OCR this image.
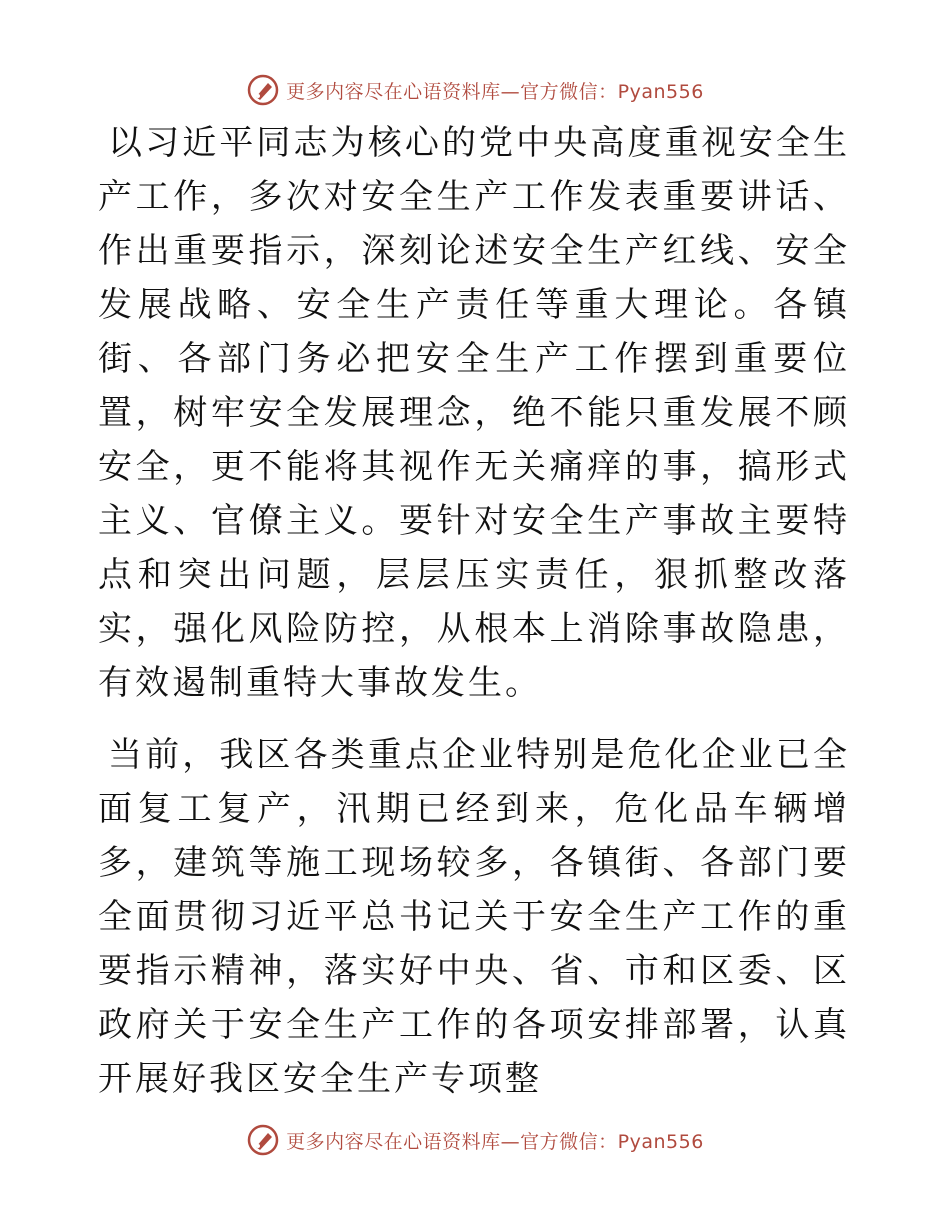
更多内容尽在心语资料库—官方微信：Pyan556

以习近平同志为核心的党中央高度重视安全生产工作，多次对安全生产工作发表重要讲话、作出重要指示，深刻论述安全生产红线、安全发展战略、安全生产责任等重大理论。各镇街、各部门务必把安全生产工作摆到重要位置，树牢安全发展理念，绝不能只重发展不顾安全，更不能将其视作无关痛痒的事，搞形式主义、官僚主义。要针对安全生产事故主要特点和突出问题，层层压实责任，狠抓整改落实，强化风险防控，从根本上消除事故隐患，有效遏制重特大事故发生。

当前，我区各类重点企业特别是危化企业已全面复工复产，汛期已经到来，危化品车辆增多，建筑等施工现场较多，各镇街、各部门要全面贯彻习近平总书记关于安全生产工作的重要指示精神，落实好中央、省、市和区委、区政府关于安全生产工作的各项安排部署，认真开展好我区安全生产专项整

更多内容尽在心语资料库—官方微信：Pyan556
